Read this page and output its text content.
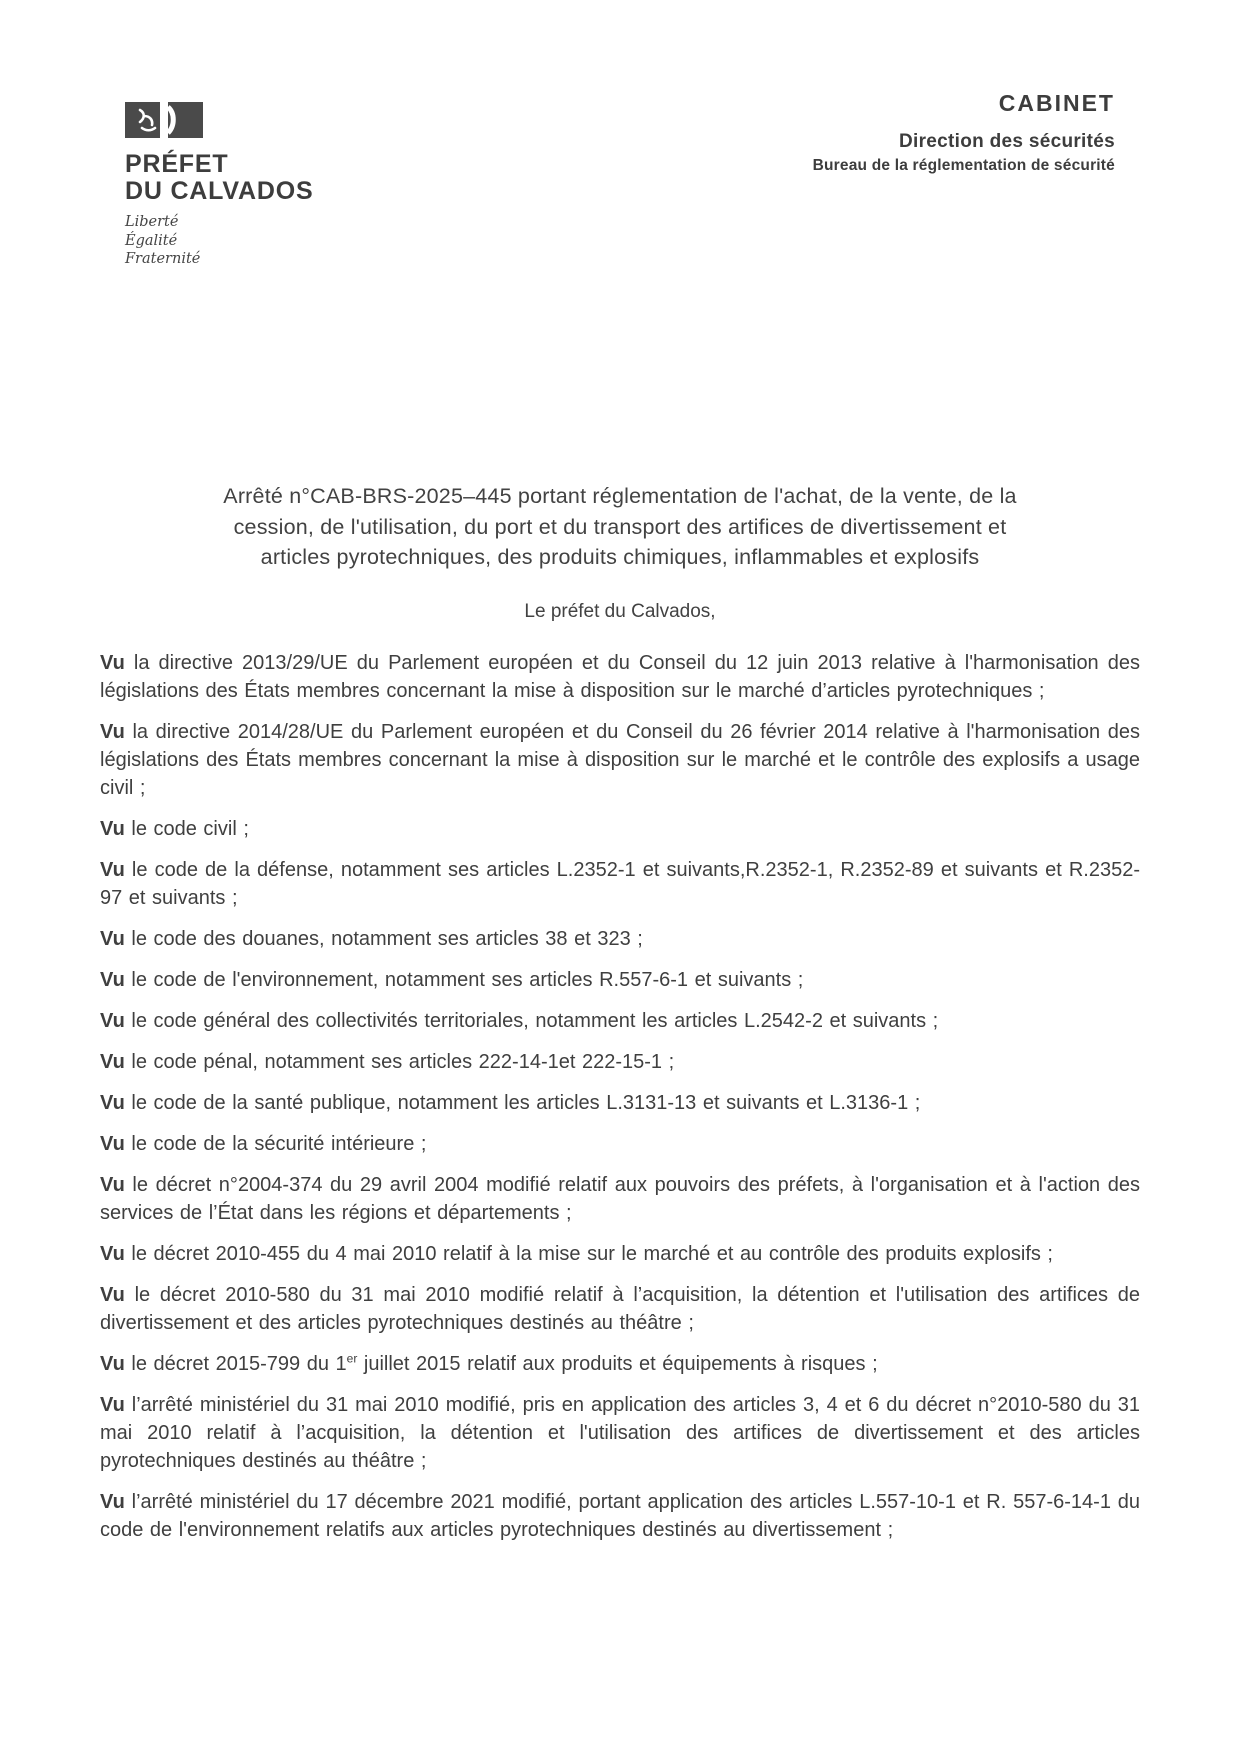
PRÉFET
DU CALVADOS
Liberté
Égalité
Fraternité
CABINET
Direction des sécurités
Bureau de la réglementation de sécurité
Arrêté n°CAB-BRS-2025–445 portant réglementation de l'achat, de la vente, de la
cession, de l'utilisation, du port et du transport des artifices de divertissement et
articles pyrotechniques, des produits chimiques, inflammables et explosifs
Le préfet du Calvados,

Vu la directive 2013/29/UE du Parlement européen et du Conseil du 12 juin 2013 relative à l'harmonisation des législations des États membres concernant la mise à disposition sur le marché d’articles pyrotechniques ;

Vu la directive 2014/28/UE du Parlement européen et du Conseil du 26 février 2014 relative à l'harmonisation des législations des États membres concernant la mise à disposition sur le marché et le contrôle des explosifs a usage civil ;

Vu le code civil ;

Vu le code de la défense, notamment ses articles L.2352-1 et suivants,R.2352-1, R.2352-89 et suivants et R.2352-97 et suivants ;

Vu le code des douanes, notamment ses articles 38 et 323 ;

Vu le code de l'environnement, notamment ses articles R.557-6-1 et suivants ;

Vu le code général des collectivités territoriales, notamment les articles L.2542-2 et suivants ;

Vu le code pénal, notamment ses articles 222-14-1et 222-15-1 ;

Vu le code de la santé publique, notamment les articles L.3131-13 et suivants et L.3136-1 ;

Vu le code de la sécurité intérieure ;

Vu le décret n°2004-374 du 29 avril 2004 modifié relatif aux pouvoirs des préfets, à l'organisation et à l'action des services de l’État dans les régions et départements ;

Vu le décret 2010-455 du 4 mai 2010 relatif à la mise sur le marché et au contrôle des produits explosifs ;

Vu le décret 2010-580 du 31 mai 2010 modifié relatif à l’acquisition, la détention et l'utilisation des artifices de divertissement et des articles pyrotechniques destinés au théâtre ;

Vu le décret 2015-799 du 1er juillet 2015 relatif aux produits et équipements à risques ;

Vu l’arrêté ministériel du 31 mai 2010 modifié, pris en application des articles 3, 4 et 6 du décret n°2010-580 du 31 mai 2010 relatif à l’acquisition, la détention et l'utilisation des artifices de divertissement et des articles pyrotechniques destinés au théâtre ;

Vu l’arrêté ministériel du 17 décembre 2021 modifié, portant application des articles L.557-10-1 et R. 557-6-14-1 du code de l'environnement relatifs aux articles pyrotechniques destinés au divertissement ;
